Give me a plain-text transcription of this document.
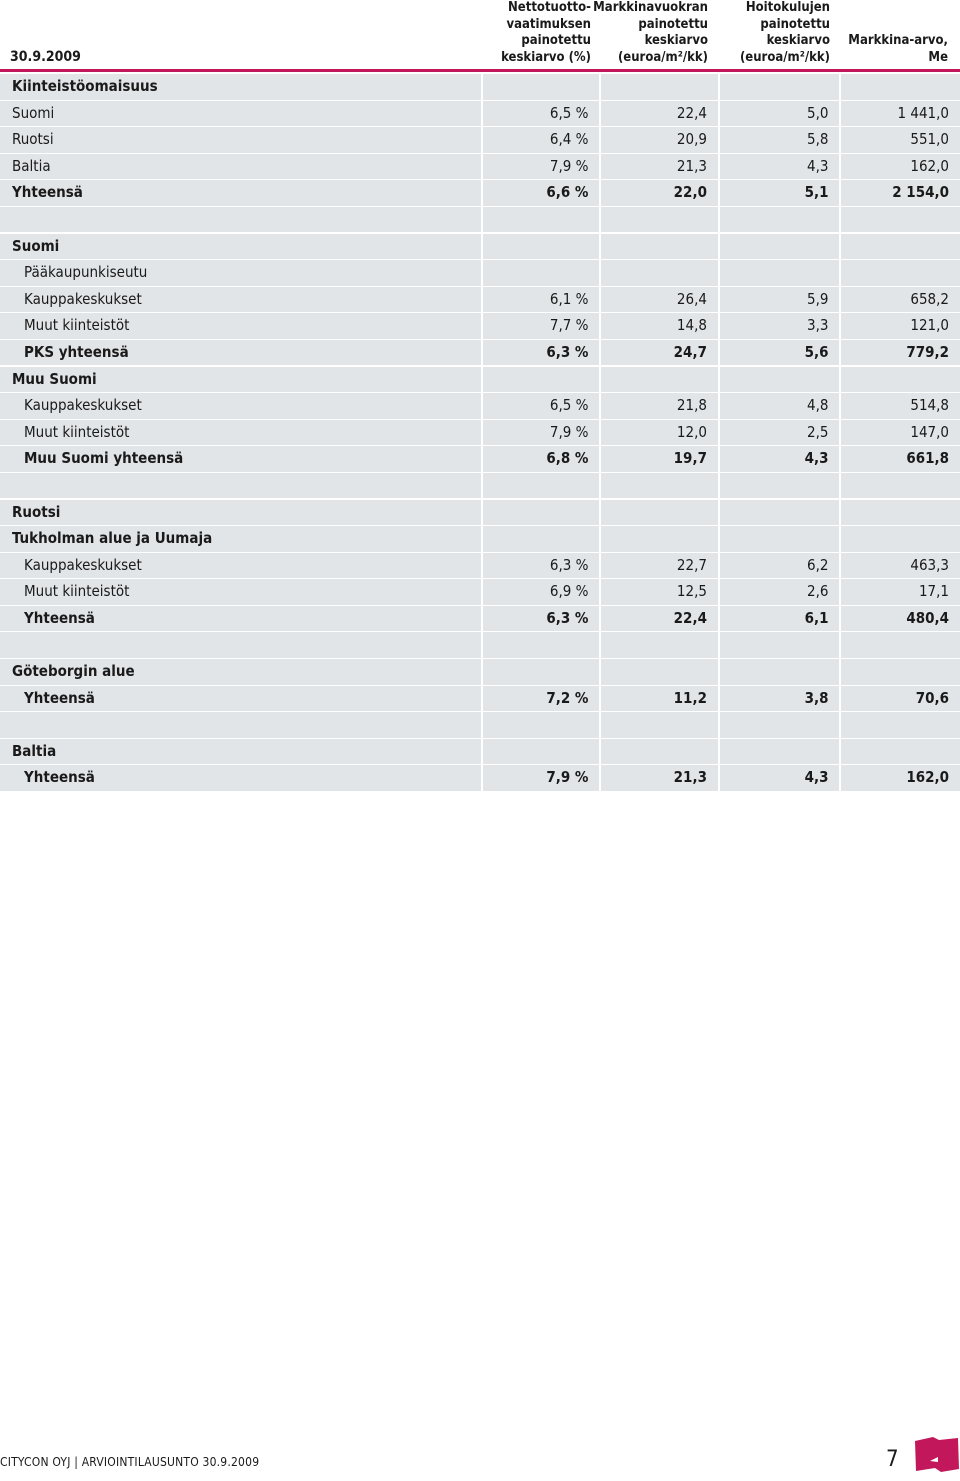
30.9.2009
Nettotuotto-
vaatimuksen
painotettu
keskiarvo (%)
Markkinavuokran
painotettu
keskiarvo
(euroa/m²/kk)
Hoitokulujen
painotettu
keskiarvo
(euroa/m²/kk)
Markkina-arvo,
Me
Kiinteistöomaisuus
Suomi	6,5 %	22,4	5,0	1 441,0
Ruotsi	6,4 %	20,9	5,8	551,0
Baltia	7,9 %	21,3	4,3	162,0
Yhteensä	6,6 %	22,0	5,1	2 154,0
Suomi
Pääkaupunkiseutu
Kauppakeskukset	6,1 %	26,4	5,9	658,2
Muut kiinteistöt	7,7 %	14,8	3,3	121,0
PKS yhteensä	6,3 %	24,7	5,6	779,2
Muu Suomi
Kauppakeskukset	6,5 %	21,8	4,8	514,8
Muut kiinteistöt	7,9 %	12,0	2,5	147,0
Muu Suomi yhteensä	6,8 %	19,7	4,3	661,8
Ruotsi
Tukholman alue ja Uumaja
Kauppakeskukset	6,3 %	22,7	6,2	463,3
Muut kiinteistöt	6,9 %	12,5	2,6	17,1
Yhteensä	6,3 %	22,4	6,1	480,4
Göteborgin alue
Yhteensä	7,2 %	11,2	3,8	70,6
Baltia
Yhteensä	7,9 %	21,3	4,3	162,0
CITYCON OYJ | ARVIOINTILAUSUNTO 30.9.2009	7
